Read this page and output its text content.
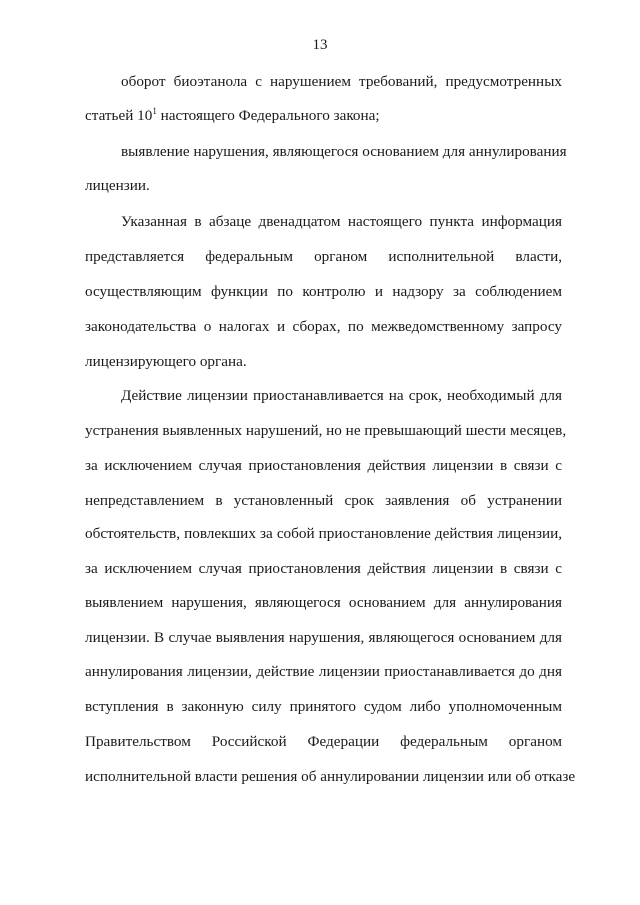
13
оборот биоэтанола с нарушением требований, предусмотренных
статьей $10^1$ настоящего Федерального закона;
выявление нарушения, являющегося основанием для аннулирования
лицензии.
Указанная в абзаце двенадцатом настоящего пункта информация
представляется федеральным органом исполнительной власти,
осуществляющим функции по контролю и надзору за соблюдением
законодательства о налогах и сборах, по межведомственному запросу
лицензирующего органа.
Действие лицензии приостанавливается на срок, необходимый для
устранения выявленных нарушений, но не превышающий шести месяцев,
за исключением случая приостановления действия лицензии в связи с
непредставлением в установленный срок заявления об устранении
обстоятельств, повлекших за собой приостановление действия лицензии,
за исключением случая приостановления действия лицензии в связи с
выявлением нарушения, являющегося основанием для аннулирования
лицензии. В случае выявления нарушения, являющегося основанием для
аннулирования лицензии, действие лицензии приостанавливается до дня
вступления в законную силу принятого судом либо уполномоченным
Правительством Российской Федерации федеральным органом
исполнительной власти решения об аннулировании лицензии или об отказе
